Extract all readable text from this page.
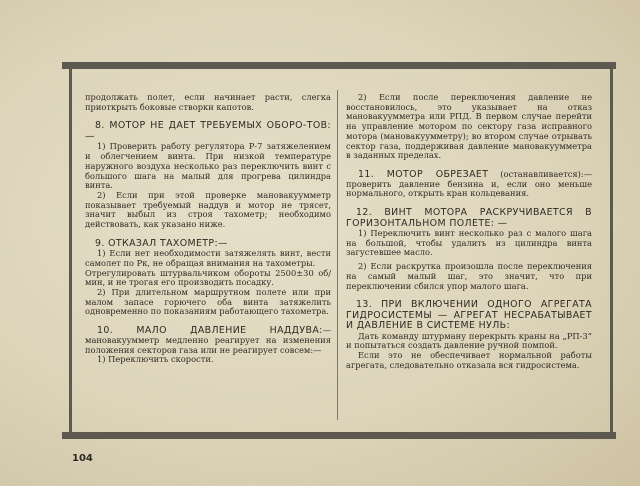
продолжать полет, если начинает расти, слегка приоткрыть боковые створки капотов.

8. МОТОР НЕ ДАЕТ ТРЕБУЕМЫХ ОБОРО-ТОВ:—

1) Проверить работу регулятора Р-7 затяжелением и облегчением винта. При низкой температуре наружного воздуха несколько раз переключить винт с большого шага на малый для прогрева цилиндра винта.

2) Если при этой проверке мановакуумметр показывает требуемый наддув и мотор не трясет, значит выбыл из строя тахометр; необходимо действовать, как указано ниже.

9. ОТКАЗАЛ ТАХОМЕТР:—

1) Если нет необходимости затяжелять винт, вести самолет по Pк, не обращая внимания на тахометры.

Отрегулировать штурвальчиком обороты 2500±30 об/мин, и не трогая его производить посадку.

2) При длительном маршрутном полете или при малом запасе горючего оба винта затяжелить одновременно по показаниям работающего тахометра.

10. МАЛО ДАВЛЕНИЕ НАДДУВА:— мановакуумметр медленно реагирует на изменения положения секторов газа или не реагирует совсем:—

1) Переключить скорости.

2) Если после переключения давление не восстановилось, это указывает на отказ мановакуумметра или РПД. В первом случае перейти на управление мотором по сектору газа исправного мотора (мановакуумметру); во втором случае отрывать сектор газа, поддерживая давление мановакуумметра в заданных пределах.

11. МОТОР ОБРЕЗАЕТ (останавливается):— проверить давление бензина и, если оно меньше нормального, открыть кран кольцевания.

12. ВИНТ МОТОРА РАСКРУЧИВАЕТСЯ В ГОРИЗОНТАЛЬНОМ ПОЛЕТЕ: —

1) Переключить винт несколько раз с малого шага на большой, чтобы удалить из цилиндра винта загустевшее масло.

2) Если раскрутка произошла после переключения на самый малый шаг, это значит, что при переключении сбился упор малого шага.

13. ПРИ ВКЛЮЧЕНИИ ОДНОГО АГРЕГАТА ГИДРОСИСТЕМЫ — АГРЕГАТ НЕСРАБАТЫВАЕТ И ДАВЛЕНИЕ В СИСТЕМЕ НУЛЬ:

Дать команду штурману перекрыть краны на „РП-3“ и попытаться создать давление ручной помпой.

Если это не обеспечивает нормальной работы агрегата, следовательно отказала вся гидросистема.

104
